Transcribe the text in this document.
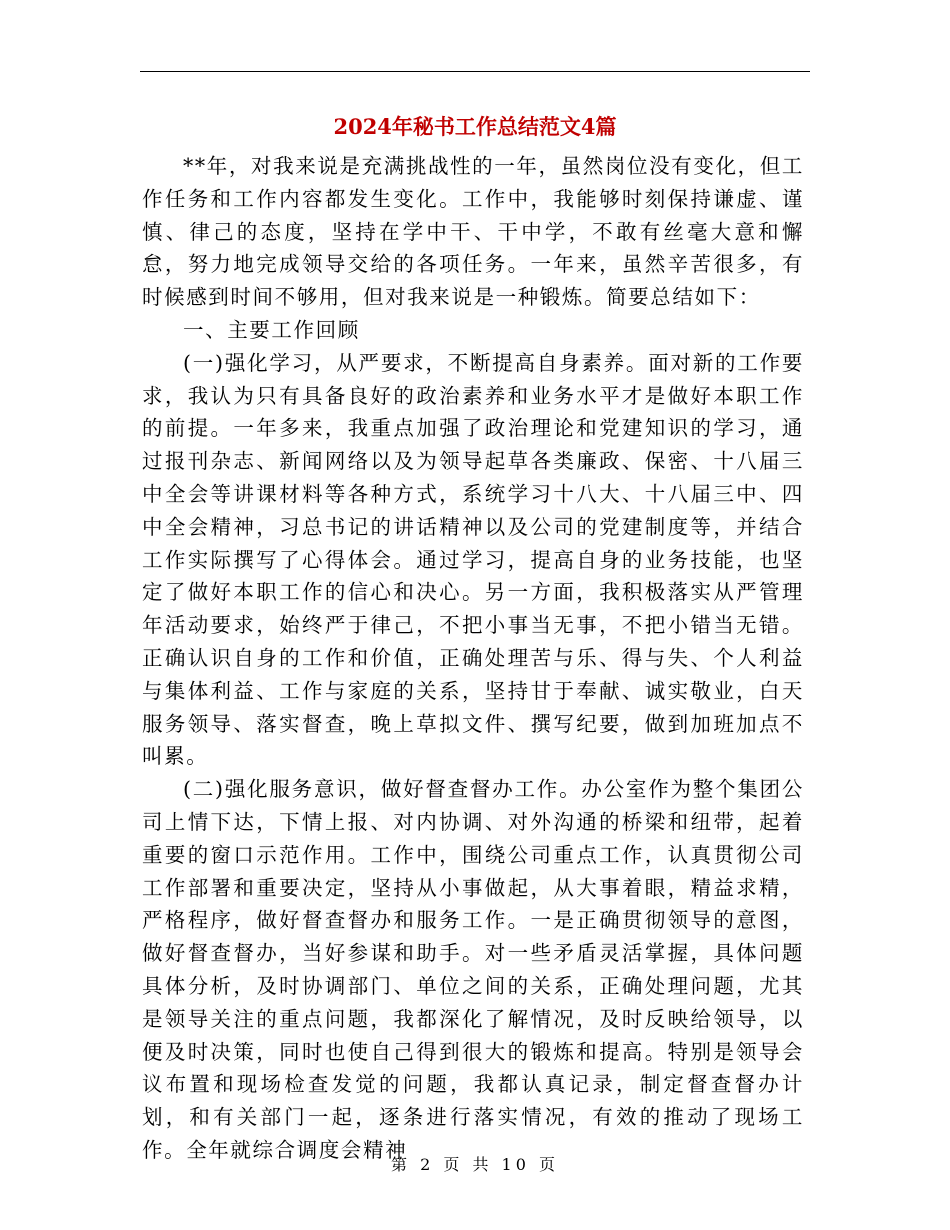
2024年秘书工作总结范文4篇

**年，对我来说是充满挑战性的一年，虽然岗位没有变化，但工作任务和工作内容都发生变化。工作中，我能够时刻保持谦虚、谨慎、律己的态度，坚持在学中干、干中学，不敢有丝毫大意和懈怠，努力地完成领导交给的各项任务。一年来，虽然辛苦很多，有时候感到时间不够用，但对我来说是一种锻炼。简要总结如下：

一、主要工作回顾

(一)强化学习，从严要求，不断提高自身素养。面对新的工作要求，我认为只有具备良好的政治素养和业务水平才是做好本职工作的前提。一年多来，我重点加强了政治理论和党建知识的学习，通过报刊杂志、新闻网络以及为领导起草各类廉政、保密、十八届三中全会等讲课材料等各种方式，系统学习十八大、十八届三中、四中全会精神，习总书记的讲话精神以及公司的党建制度等，并结合工作实际撰写了心得体会。通过学习，提高自身的业务技能，也坚定了做好本职工作的信心和决心。另一方面，我积极落实从严管理年活动要求，始终严于律己，不把小事当无事，不把小错当无错。正确认识自身的工作和价值，正确处理苦与乐、得与失、个人利益与集体利益、工作与家庭的关系，坚持甘于奉献、诚实敬业，白天服务领导、落实督查，晚上草拟文件、撰写纪要，做到加班加点不叫累。

(二)强化服务意识，做好督查督办工作。办公室作为整个集团公司上情下达，下情上报、对内协调、对外沟通的桥梁和纽带，起着重要的窗口示范作用。工作中，围绕公司重点工作，认真贯彻公司工作部署和重要决定，坚持从小事做起，从大事着眼，精益求精，严格程序，做好督查督办和服务工作。一是正确贯彻领导的意图，做好督查督办，当好参谋和助手。对一些矛盾灵活掌握，具体问题具体分析，及时协调部门、单位之间的关系，正确处理问题，尤其是领导关注的重点问题，我都深化了解情况，及时反映给领导，以便及时决策，同时也使自己得到很大的锻炼和提高。特别是领导会议布置和现场检查发觉的问题，我都认真记录，制定督查督办计划，和有关部门一起，逐条进行落实情况，有效的推动了现场工作。全年就综合调度会精神

第 2 页 共 10 页
